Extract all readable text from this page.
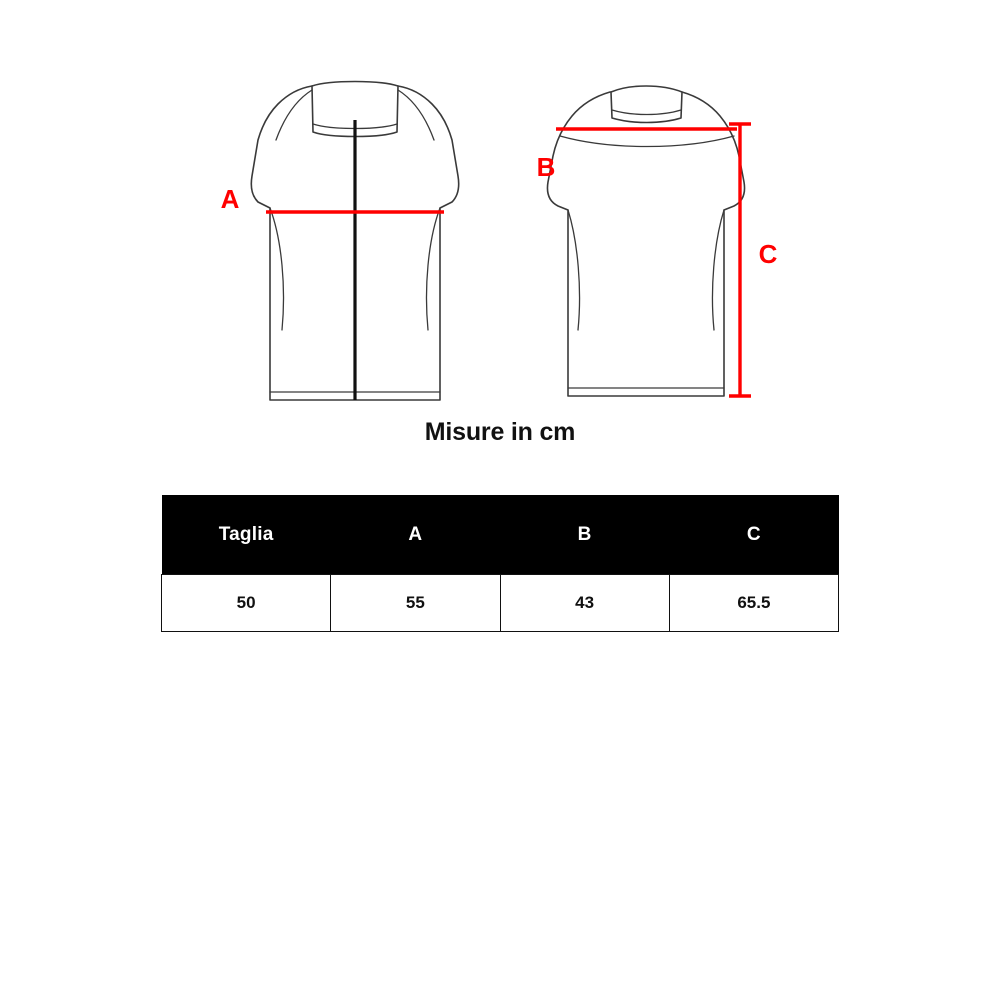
A
B
C
Misure in cm
Taglia	A	B	C
50	55	43	65.5
